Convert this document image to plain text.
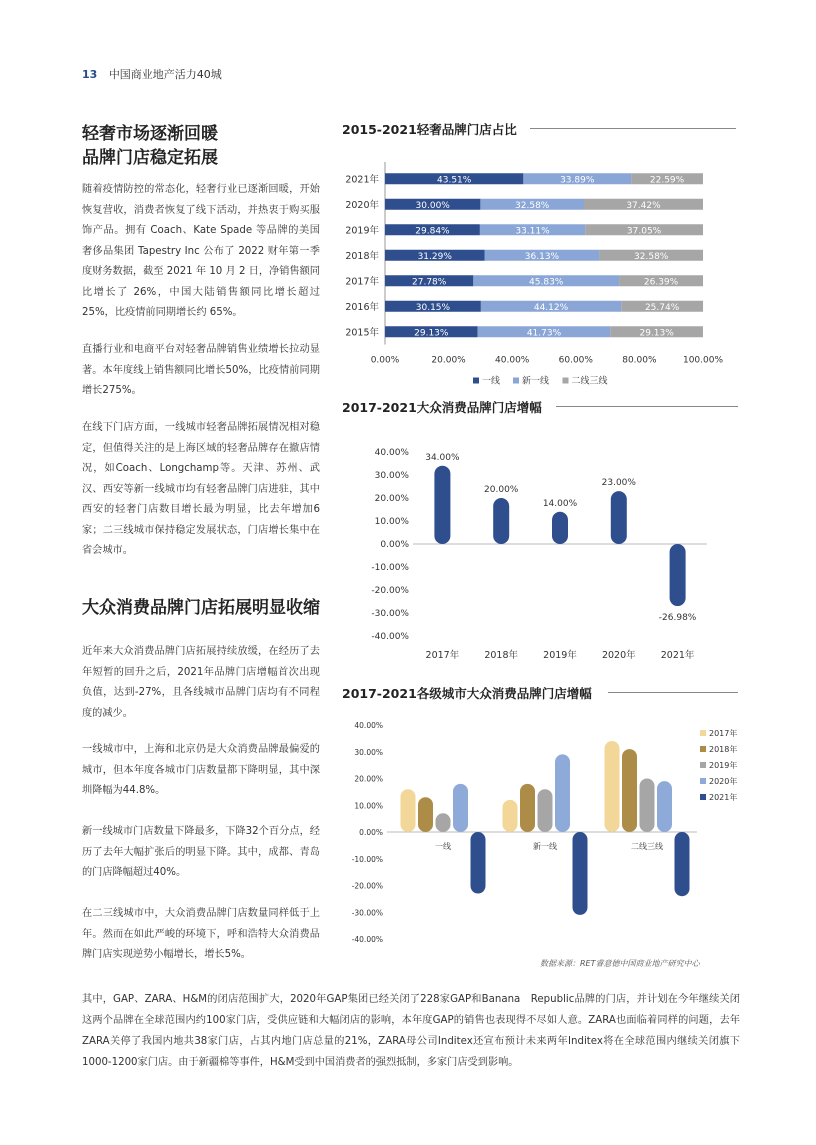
13 中国商业地产活力40城
轻奢市场逐渐回暖
品牌门店稳定拓展

随着疫情防控的常态化，轻奢行业已逐渐回暖，开始恢复营收，消费者恢复了线下活动，并热衷于购买服饰产品。拥有 Coach、Kate Spade 等品牌的美国奢侈品集团 Tapestry Inc 公布了 2022 财年第一季度财务数据，截至 2021 年 10 月 2 日，净销售额同比增长了 26%，中国大陆销售额同比增长超过 25%，比疫情前同期增长约 65%。

直播行业和电商平台对轻奢品牌销售业绩增长拉动显著。本年度线上销售额同比增长50%，比疫情前同期增长275%。

在线下门店方面，一线城市轻奢品牌拓展情况相对稳定，但值得关注的是上海区域的轻奢品牌存在撤店情况，如Coach、Longchamp等。天津、苏州、武汉、西安等新一线城市均有轻奢品牌门店进驻，其中西安的轻奢门店数目增长最为明显，比去年增加6家；二三线城市保持稳定发展状态，门店增长集中在省会城市。

大众消费品牌门店拓展明显收缩

近年来大众消费品牌门店拓展持续放缓，在经历了去年短暂的回升之后，2021年品牌门店增幅首次出现负值，达到-27%，且各线城市品牌门店均有不同程度的减少。

一线城市中，上海和北京仍是大众消费品牌最偏爱的城市，但本年度各城市门店数量都下降明显，其中深圳降幅为44.8%。

新一线城市门店数量下降最多，下降32个百分点，经历了去年大幅扩张后的明显下降。其中，成都、青岛的门店降幅超过40%。

在二三线城市中，大众消费品牌门店数量同样低于上年。然而在如此严峻的环境下，呼和浩特大众消费品牌门店实现逆势小幅增长，增长5%。

2015-2021轻奢品牌门店占比
2021年	43.51%	33.89%	22.59%
2020年	30.00%	32.58%	37.42%
2019年	29.84%	33.11%	37.05%
2018年	31.29%	36.13%	32.58%
2017年	27.78%	45.83%	26.39%
2016年	30.15%	44.12%	25.74%
2015年	29.13%	41.73%	29.13%
0.00%	20.00%	40.00%	60.00%	80.00%	100.00%
一线 新一线 二线三线
2017-2021大众消费品牌门店增幅
40.00%
30.00%
20.00%
10.00%
0.00%
-10.00%
-20.00%
-30.00%
-40.00%
34.00%
2017年
20.00%
2018年
14.00%
2019年
23.00%
2020年
-26.98%
2021年
2017-2021各级城市大众消费品牌门店增幅
40.00%
30.00%
20.00%
10.00%
0.00%
-10.00%
-20.00%
-30.00%
-40.00%
一线	新一线	二线三线
2017年
2018年
2019年
2020年
2021年
数据来源：RET睿意德中国商业地产研究中心

其中，GAP、ZARA、H&M的闭店范围扩大，2020年GAP集团已经关闭了228家GAP和Banana　Republic品牌的门店，并计划在今年继续关闭这两个品牌在全球范围内约100家门店，受供应链和大幅闭店的影响，本年度GAP的销售也表现得不尽如人意。ZARA也面临着同样的问题，去年ZARA关停了我国内地共38家门店，占其内地门店总量的21%，ZARA母公司Inditex还宣布预计未来两年Inditex将在全球范围内继续关闭旗下1000-1200家门店。由于新疆棉等事件，H&M受到中国消费者的强烈抵制，多家门店受到影响。
